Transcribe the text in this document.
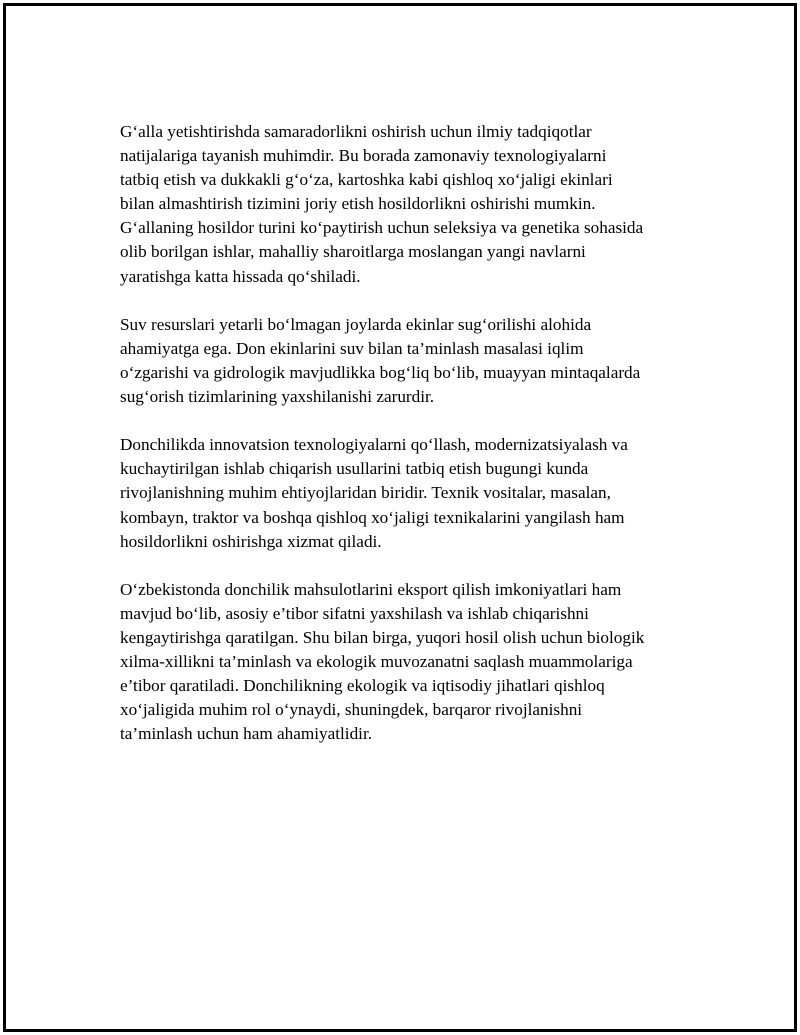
G‘alla yetishtirishda samaradorlikni oshirish uchun ilmiy tadqiqotlar
natijalariga tayanish muhimdir. Bu borada zamonaviy texnologiyalarni
tatbiq etish va dukkakli g‘o‘za, kartoshka kabi qishloq xo‘jaligi ekinlari
bilan almashtirish tizimini joriy etish hosildorlikni oshirishi mumkin.
G‘allaning hosildor turini ko‘paytirish uchun seleksiya va genetika sohasida
olib borilgan ishlar, mahalliy sharoitlarga moslangan yangi navlarni
yaratishga katta hissada qo‘shiladi.

Suv resurslari yetarli bo‘lmagan joylarda ekinlar sug‘orilishi alohida
ahamiyatga ega. Don ekinlarini suv bilan ta’minlash masalasi iqlim
o‘zgarishi va gidrologik mavjudlikka bog‘liq bo‘lib, muayyan mintaqalarda
sug‘orish tizimlarining yaxshilanishi zarurdir.

Donchilikda innovatsion texnologiyalarni qo‘llash, modernizatsiyalash va
kuchaytirilgan ishlab chiqarish usullarini tatbiq etish bugungi kunda
rivojlanishning muhim ehtiyojlaridan biridir. Texnik vositalar, masalan,
kombayn, traktor va boshqa qishloq xo‘jaligi texnikalarini yangilash ham
hosildorlikni oshirishga xizmat qiladi.

O‘zbekistonda donchilik mahsulotlarini eksport qilish imkoniyatlari ham
mavjud bo‘lib, asosiy e’tibor sifatni yaxshilash va ishlab chiqarishni
kengaytirishga qaratilgan. Shu bilan birga, yuqori hosil olish uchun biologik
xilma-xillikni ta’minlash va ekologik muvozanatni saqlash muammolariga
e’tibor qaratiladi. Donchilikning ekologik va iqtisodiy jihatlari qishloq
xo‘jaligida muhim rol o‘ynaydi, shuningdek, barqaror rivojlanishni
ta’minlash uchun ham ahamiyatlidir.
